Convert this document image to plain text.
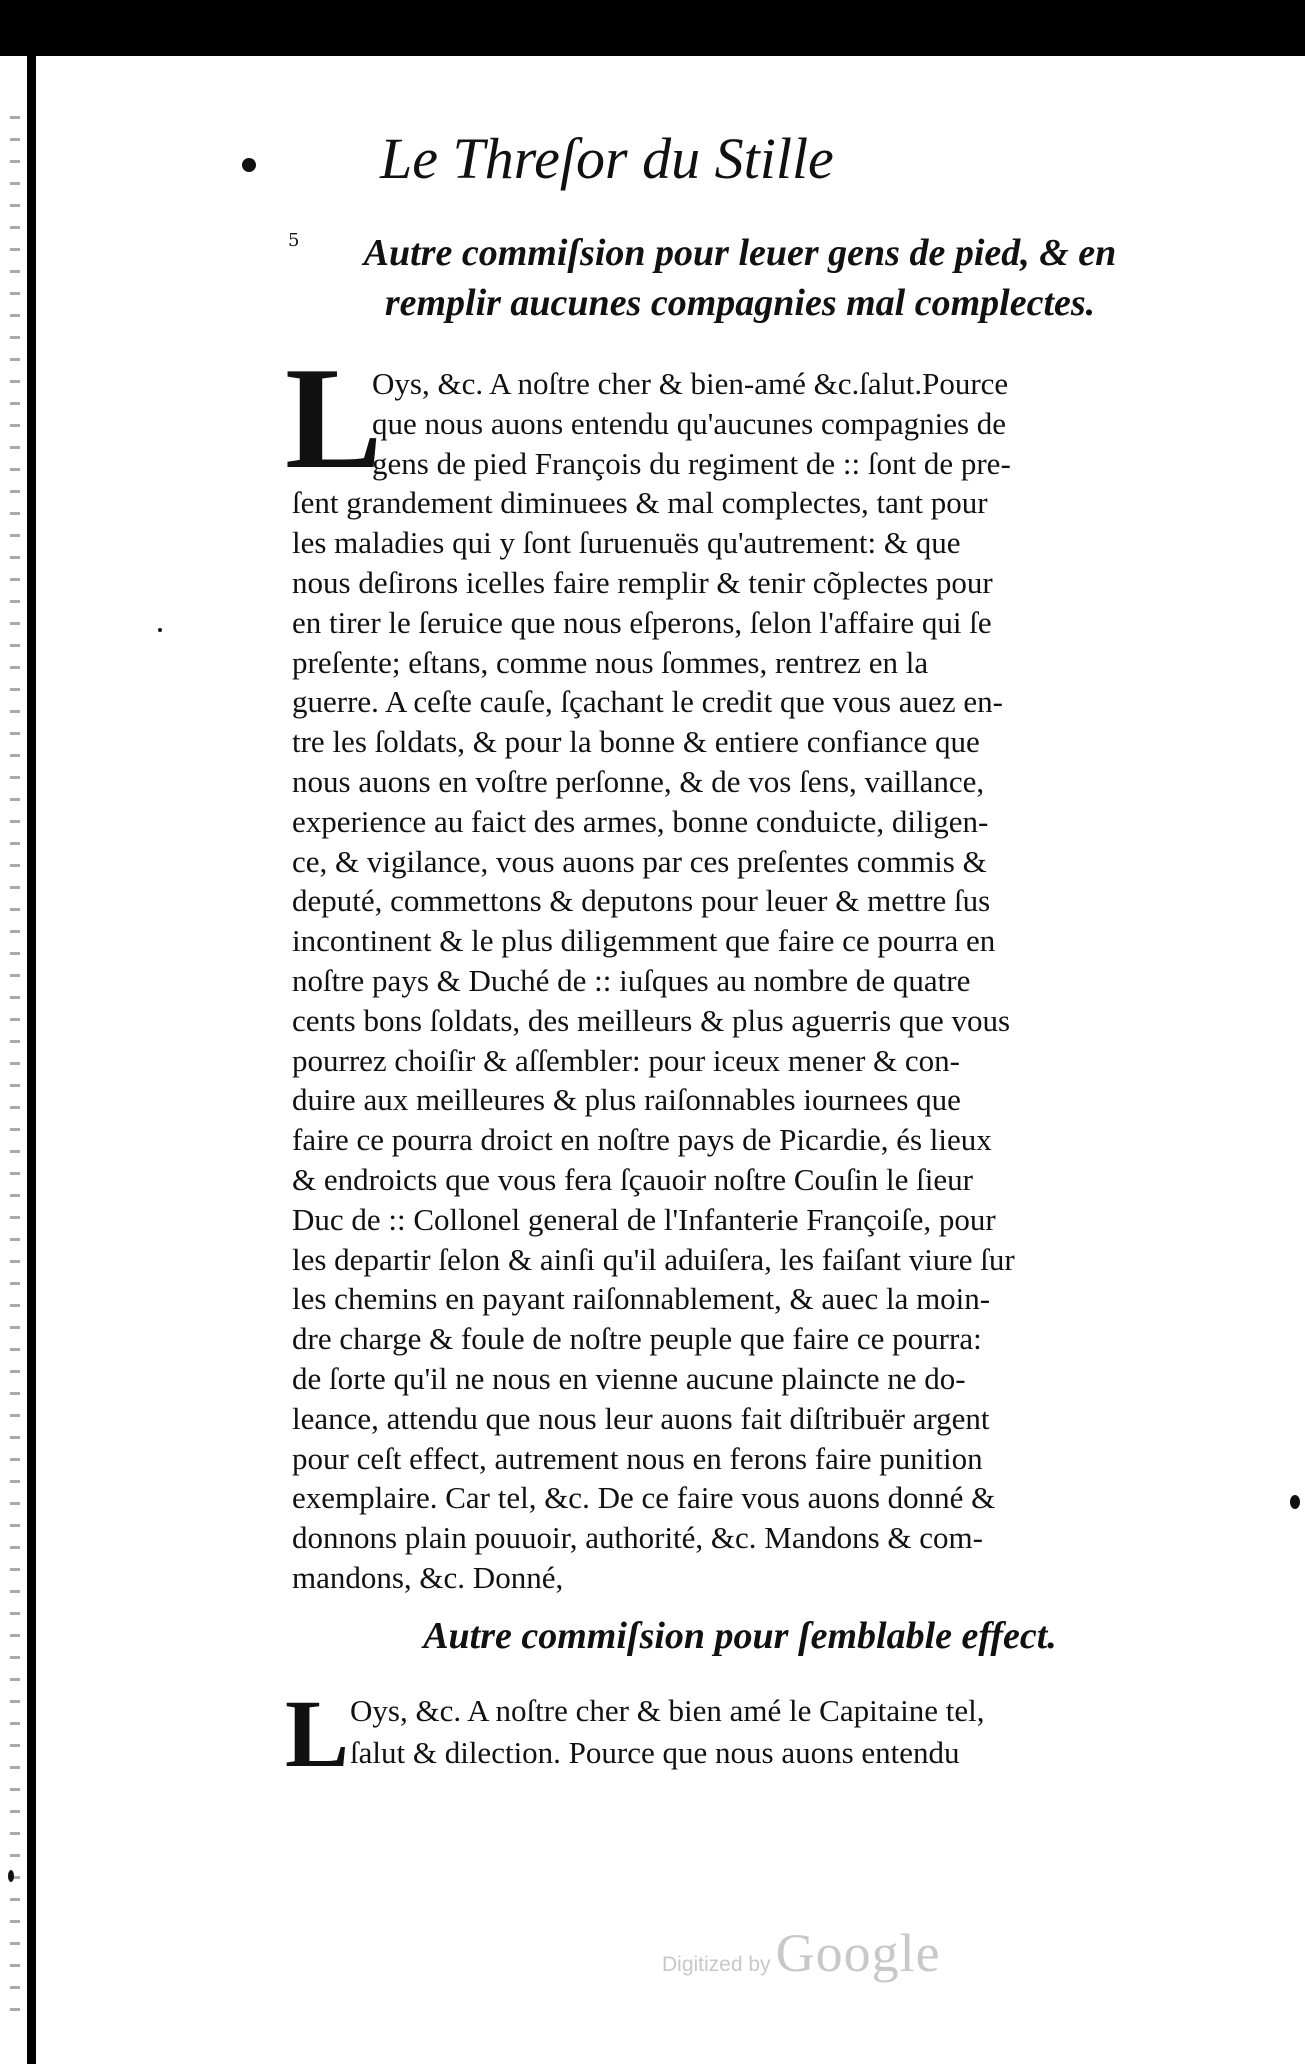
Le Threſor du Stille
5	Autre commiſsion pour leuer gens de pied, & en
remplir aucunes compagnies mal complectes.
L
Oys, &c. A noſtre cher & bien-amé &c.ſalut.Pource
que nous auons entendu qu'aucunes compagnies de
gens de pied François du regiment de :: ſont de pre-
ſent grandement diminuees & mal complectes, tant pour
les maladies qui y ſont ſuruenuës qu'autrement: & que
nous deſirons icelles faire remplir & tenir cõplectes pour
en tirer le ſeruice que nous eſperons, ſelon l'affaire qui ſe
preſente; eſtans, comme nous ſommes, rentrez en la
guerre. A ceſte cauſe, ſçachant le credit que vous auez en-
tre les ſoldats, & pour la bonne & entiere confiance que
nous auons en voſtre perſonne, & de vos ſens, vaillance,
experience au faict des armes, bonne conduicte, diligen-
ce, & vigilance, vous auons par ces preſentes commis &
deputé, commettons & deputons pour leuer & mettre ſus
incontinent & le plus diligemment que faire ce pourra en
noſtre pays & Duché de :: iuſques au nombre de quatre
cents bons ſoldats, des meilleurs & plus aguerris que vous
pourrez choiſir & aſſembler: pour iceux mener & con-
duire aux meilleures & plus raiſonnables iournees que
faire ce pourra droict en noſtre pays de Picardie, és lieux
& endroicts que vous fera ſçauoir noſtre Couſin le ſieur
Duc de :: Collonel general de l'Infanterie Françoiſe, pour
les departir ſelon & ainſi qu'il aduiſera, les faiſant viure ſur
les chemins en payant raiſonnablement, & auec la moin-
dre charge & foule de noſtre peuple que faire ce pourra:
de ſorte qu'il ne nous en vienne aucune plaincte ne do-
leance, attendu que nous leur auons fait diſtribuër argent
pour ceſt effect, autrement nous en ferons faire punition
exemplaire. Car tel, &c. De ce faire vous auons donné &
donnons plain pouuoir, authorité, &c. Mandons & com-
mandons, &c. Donné,
Autre commiſsion pour ſemblable effect.
L Oys, &c. A noſtre cher & bien amé le Capitaine tel,
ſalut & dilection. Pource que nous auons entendu
Digitized by Google
